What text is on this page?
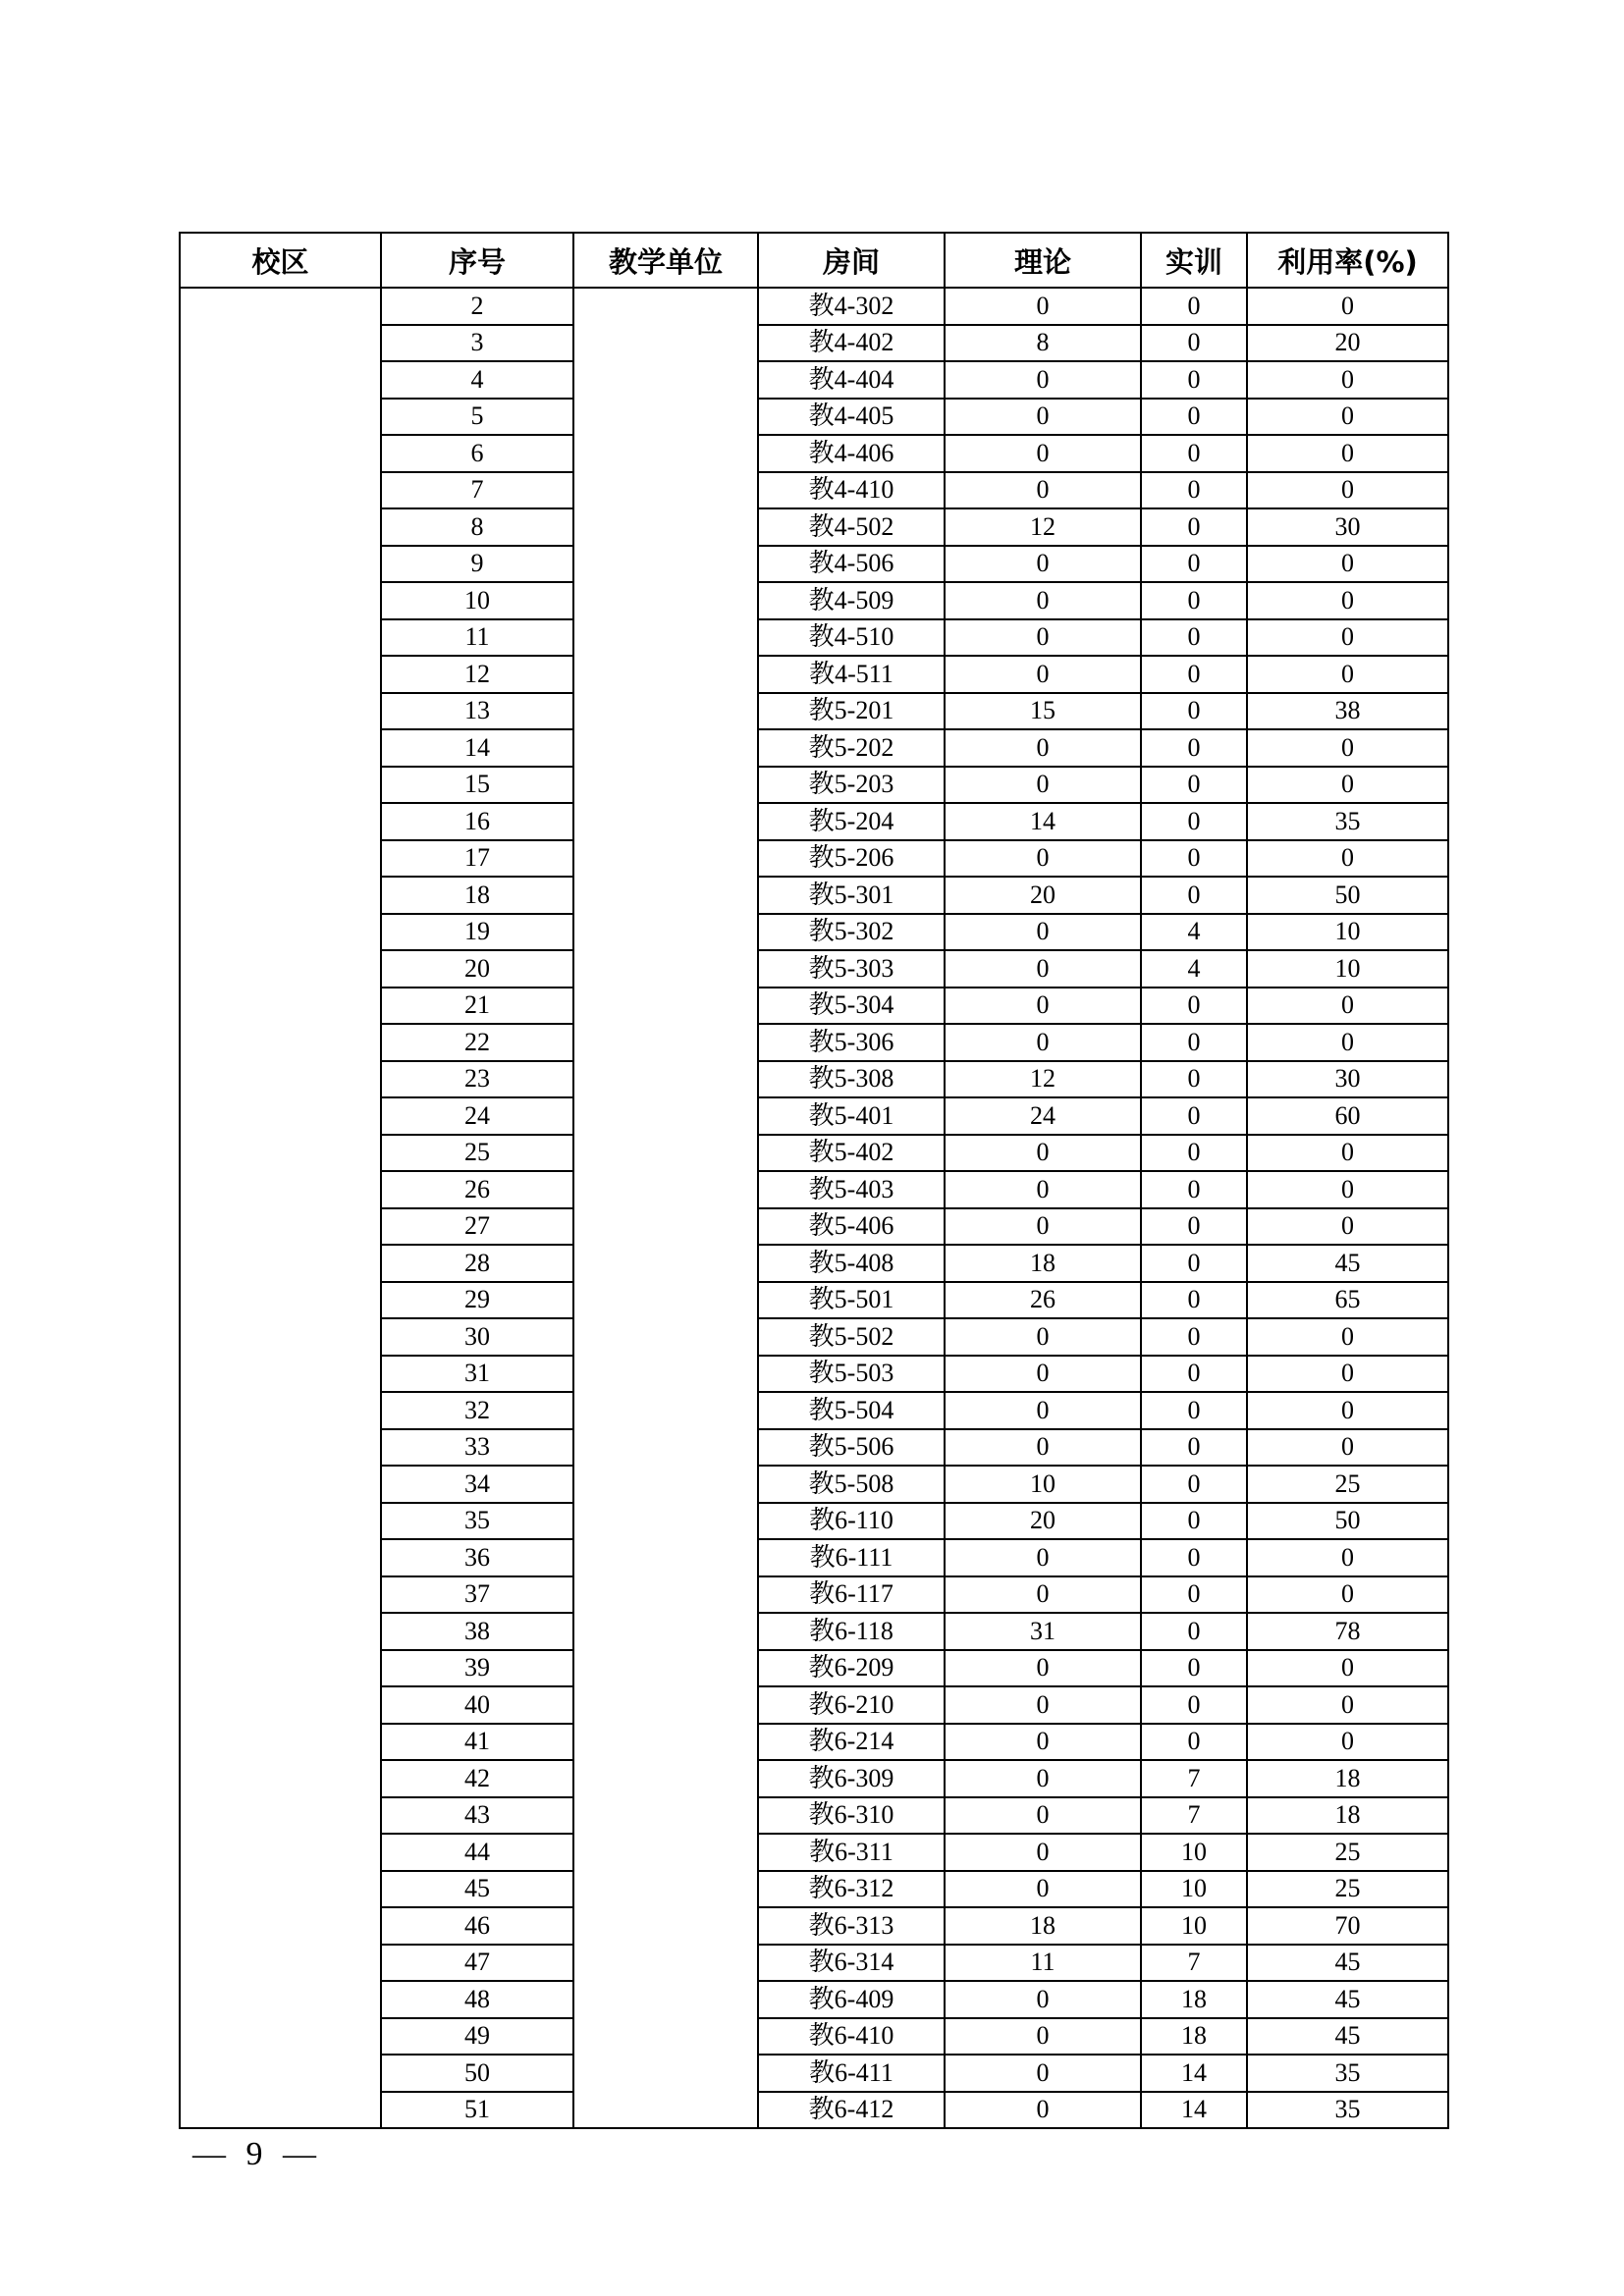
校区	序号	教学单位	房间	理论	实训	利用率(%)
	2		教4-302	0	0	0
	3		教4-402	8	0	20
	4		教4-404	0	0	0
	5		教4-405	0	0	0
	6		教4-406	0	0	0
	7		教4-410	0	0	0
	8		教4-502	12	0	30
	9		教4-506	0	0	0
	10		教4-509	0	0	0
	11		教4-510	0	0	0
	12		教4-511	0	0	0
	13		教5-201	15	0	38
	14		教5-202	0	0	0
	15		教5-203	0	0	0
	16		教5-204	14	0	35
	17		教5-206	0	0	0
	18		教5-301	20	0	50
	19		教5-302	0	4	10
	20		教5-303	0	4	10
	21		教5-304	0	0	0
	22		教5-306	0	0	0
	23		教5-308	12	0	30
	24		教5-401	24	0	60
	25		教5-402	0	0	0
	26		教5-403	0	0	0
	27		教5-406	0	0	0
	28		教5-408	18	0	45
	29		教5-501	26	0	65
	30		教5-502	0	0	0
	31		教5-503	0	0	0
	32		教5-504	0	0	0
	33		教5-506	0	0	0
	34		教5-508	10	0	25
	35		教6-110	20	0	50
	36		教6-111	0	0	0
	37		教6-117	0	0	0
	38		教6-118	31	0	78
	39		教6-209	0	0	0
	40		教6-210	0	0	0
	41		教6-214	0	0	0
	42		教6-309	0	7	18
	43		教6-310	0	7	18
	44		教6-311	0	10	25
	45		教6-312	0	10	25
	46		教6-313	18	10	70
	47		教6-314	11	7	45
	48		教6-409	0	18	45
	49		教6-410	0	18	45
	50		教6-411	0	14	35
	51		教6-412	0	14	35
— 9 —
